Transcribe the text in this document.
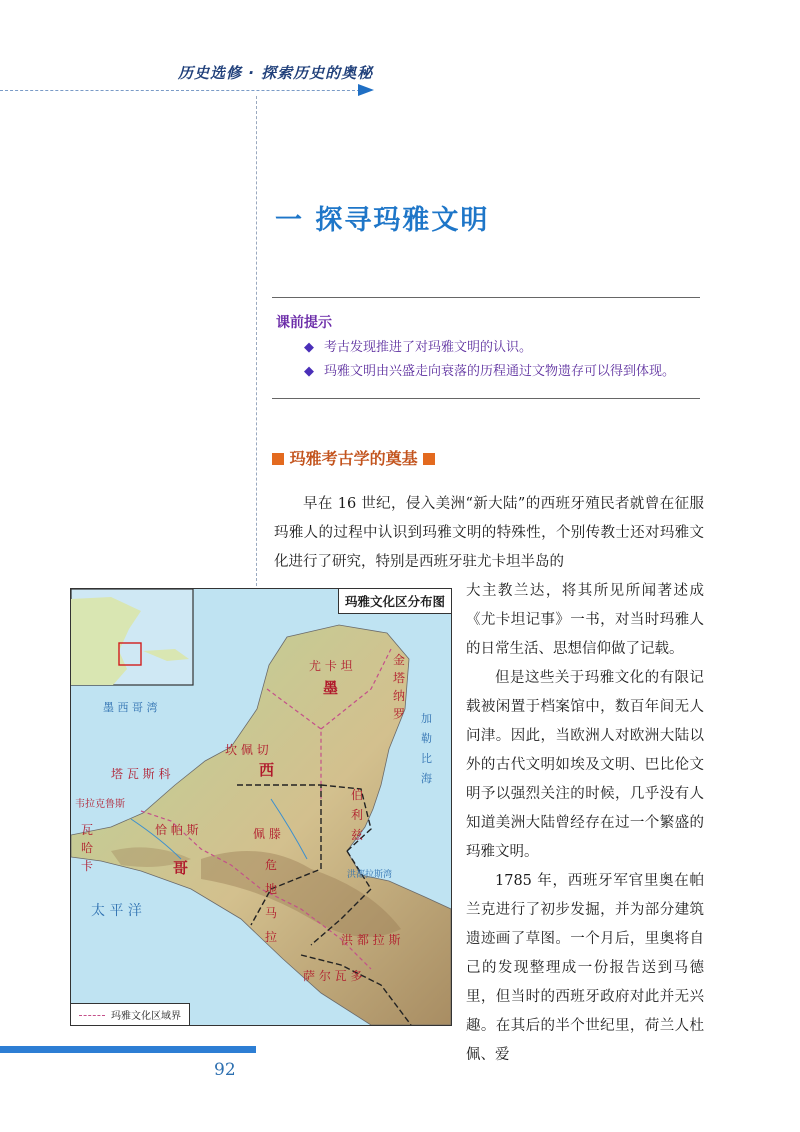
历史选修 · 探索历史的奥秘
一 探寻玛雅文明
课前提示
◆ 考古发现推进了对玛雅文明的认识。
◆ 玛雅文明由兴盛走向衰落的历程通过文物遗存可以得到体现。
玛雅考古学的奠基

早在 16 世纪，侵入美洲“新大陆”的西班牙殖民者就曾在征服玛雅人的过程中认识到玛雅文明的特殊性，个别传教士还对玛雅文化进行了研究，特别是西班牙驻尤卡坦半岛的

大主教兰达，将其所见所闻著述成《尤卡坦记事》一书，对当时玛雅人的日常生活、思想信仰做了记载。

但是这些关于玛雅文化的有限记载被闲置于档案馆中，数百年间无人问津。因此，当欧洲人对欧洲大陆以外的古代文明如埃及文明、巴比伦文明予以强烈关注的时候，几乎没有人知道美洲大陆曾经存在过一个繁盛的玛雅文明。

1785 年，西班牙军官里奥在帕兰克进行了初步发掘，并为部分建筑遗迹画了草图。一个月后，里奥将自己的发现整理成一份报告送到马德里，但当时的西班牙政府对此并无兴趣。在其后的半个世纪里，荷兰人杜佩、爱

玛雅文化区分布图
尤 卡 坦
墨
西
哥
金 塔 纳 罗
坎 佩 切
伯 利 兹
塔 瓦 斯 科
韦拉克鲁斯
恰 帕 斯
瓦 哈 卡
佩 滕
危 地 马 拉	洪 都 拉 斯
萨 尔 瓦 多
墨 西 哥 湾
加 勒 比 海
太 平 洋
洪都拉斯湾
玛雅文化区域界
92
